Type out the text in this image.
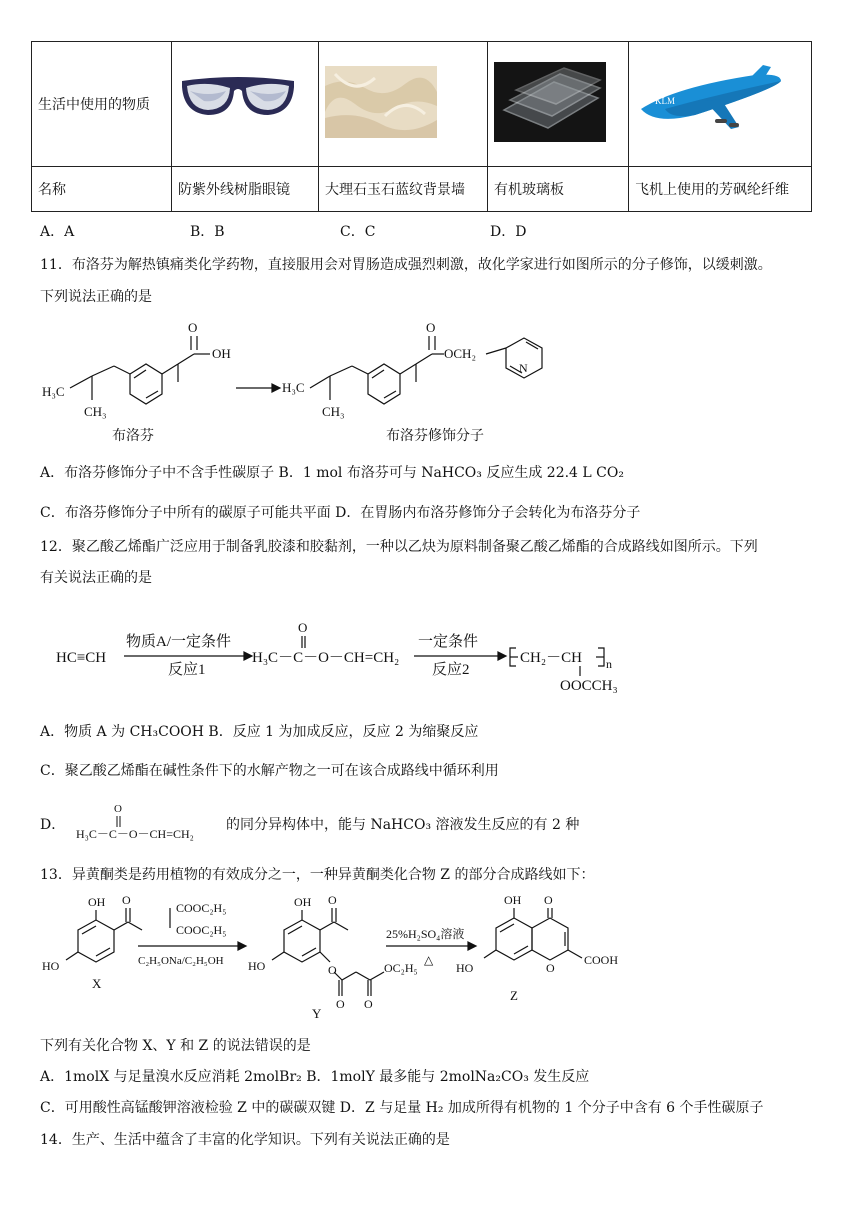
生活中使用的物质				KLM

名称	防紫外线树脂眼镜	大理石玉石蓝纹背景墙	有机玻璃板	飞机上使用的芳砜纶纤维
A．A	B．B	C．C	D．D
11．布洛芬为解热镇痛类化学药物，直接服用会对胃肠造成强烈刺激，故化学家进行如图所示的分子修饰，以缓刺激。
下列说法正确的是
O
OH
H₃C
CH₃
H₃C
CH₃
O
OCH₂
N
布洛芬	布洛芬修饰分子
A．布洛芬修饰分子中不含手性碳原子 B．1 mol 布洛芬可与 NaHCO₃ 反应生成 22.4 L CO₂
C．布洛芬修饰分子中所有的碳原子可能共平面 D．在胃肠内布洛芬修饰分子会转化为布洛芬分子
12．聚乙酸乙烯酯广泛应用于制备乳胶漆和胶黏剂，一种以乙炔为原料制备聚乙酸乙烯酯的合成路线如图所示。下列
有关说法正确的是
HC≡CH
物质A/一定条件
反应1
H₃C－C－O－CH=CH₂
O
一定条件
反应2
CH₂－CH n
OOCCH₃
A．物质 A 为 CH₃COOH B．反应 1 为加成反应，反应 2 为缩聚反应
C．聚乙酸乙烯酯在碱性条件下的水解产物之一可在该合成路线中循环利用
D．
H₃C－C－O－CH=CH₂
O
的同分异构体中，能与 NaHCO₃ 溶液发生反应的有 2 种
13．异黄酮类是药用植物的有效成分之一，一种异黄酮类化合物 Z 的部分合成路线如下：
OH O
HO
X
COOC₂H₅
COOC₂H₅
C₂H₅ONa/C₂H₅OH
OH O
HO	O
O O
OC₂H₅
Y
25%H₂SO₄溶液
△
OH O
HO	O
COOH
Z
下列有关化合物 X、Y 和 Z 的说法错误的是
A．1molX 与足量溴水反应消耗 2molBr₂ B．1molY 最多能与 2molNa₂CO₃ 发生反应
C．可用酸性高锰酸钾溶液检验 Z 中的碳碳双键 D．Z 与足量 H₂ 加成所得有机物的 1 个分子中含有 6 个手性碳原子
14．生产、生活中蕴含了丰富的化学知识。下列有关说法正确的是
